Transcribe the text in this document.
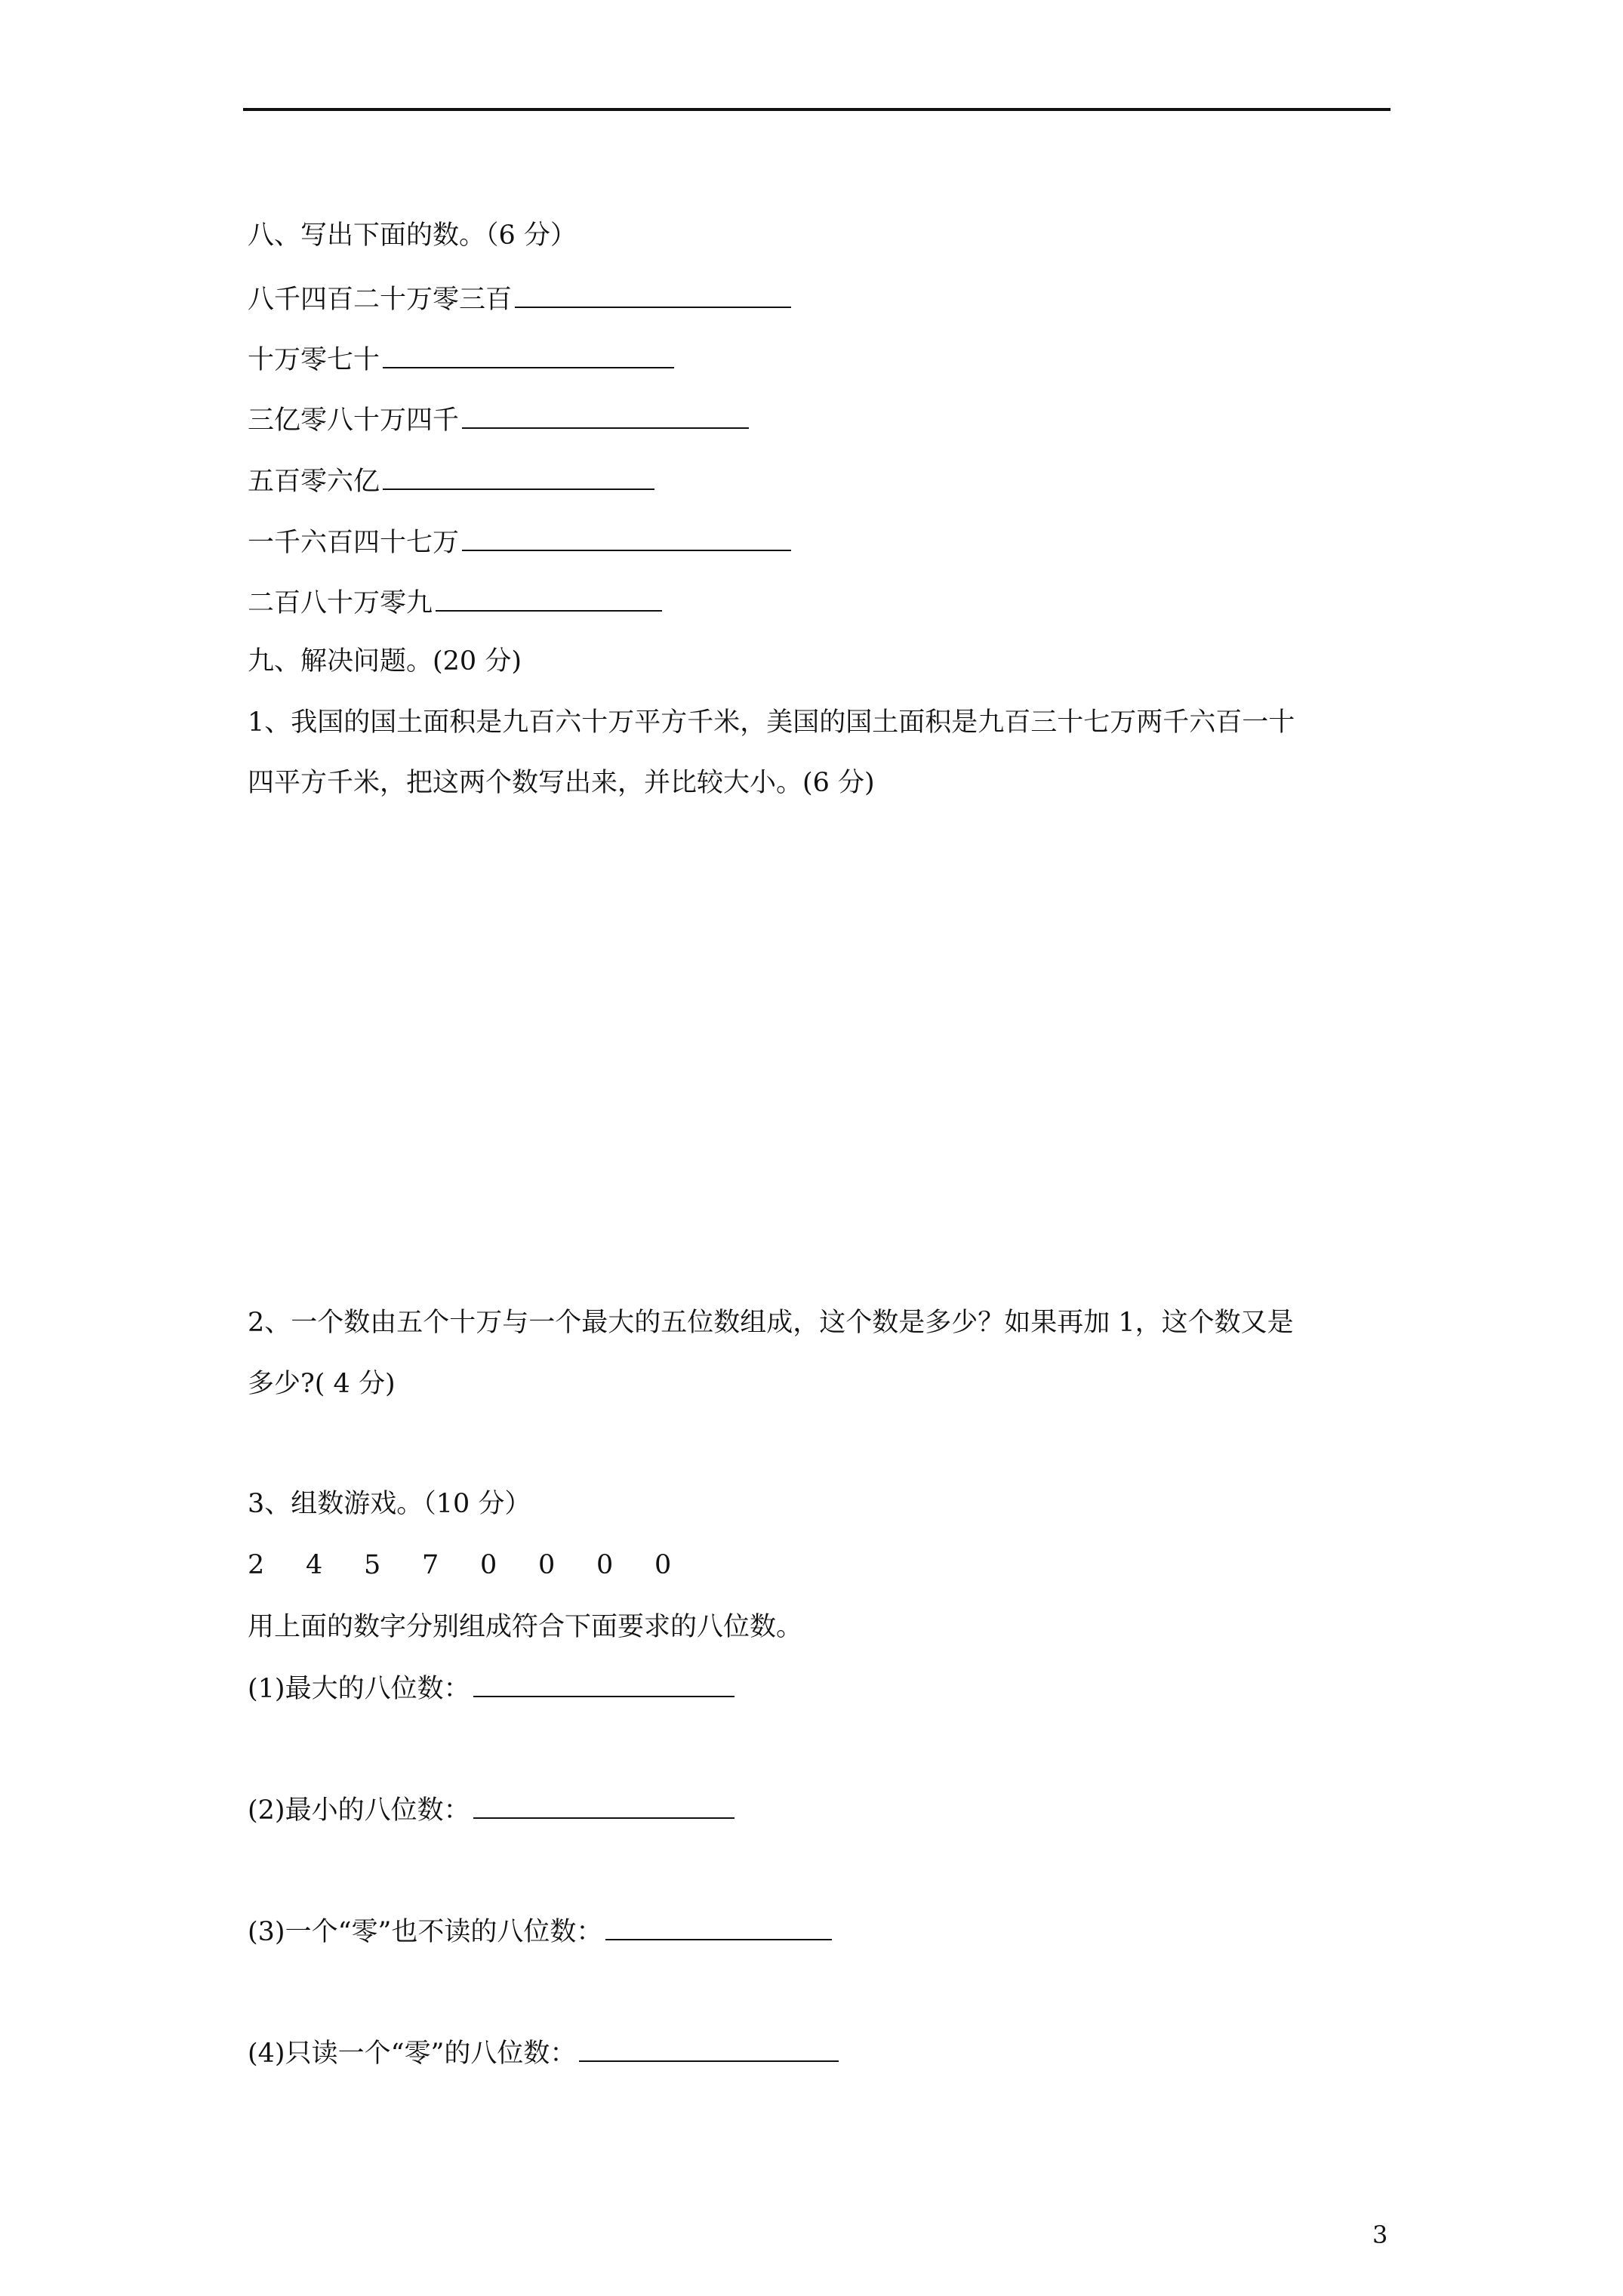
八、写出下面的数。（6 分）
八千四百二十万零三百
十万零七十
三亿零八十万四千
五百零六亿
一千六百四十七万
二百八十万零九
九、解决问题。(20 分)
1、我国的国土面积是九百六十万平方千米，美国的国土面积是九百三十七万两千六百一十
四平方千米，把这两个数写出来，并比较大小。(6 分)
2、一个数由五个十万与一个最大的五位数组成，这个数是多少？如果再加 1，这个数又是
多少?( 4 分)
3、组数游戏。（10 分）
2 4 5 7 0 0 0 0
用上面的数字分别组成符合下面要求的八位数。
(1)最大的八位数：
(2)最小的八位数：
(3)一个“零”也不读的八位数：
(4)只读一个“零”的八位数：
3
